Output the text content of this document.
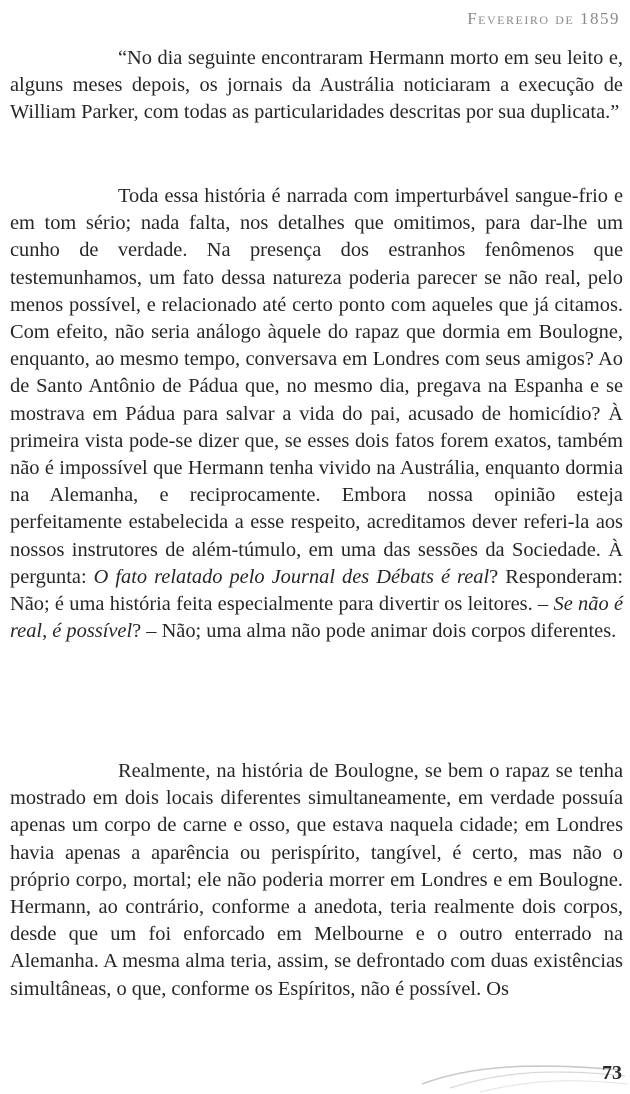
Fevereiro de 1859

“No dia seguinte encontraram Hermann morto em seu leito e, alguns meses depois, os jornais da Austrália noticiaram a execução de William Parker, com todas as particularidades descritas por sua duplicata.”

Toda essa história é narrada com imperturbável sangue-frio e em tom sério; nada falta, nos detalhes que omitimos, para dar-lhe um cunho de verdade. Na presença dos estranhos fenômenos que testemunhamos, um fato dessa natureza poderia parecer se não real, pelo menos possível, e relacionado até certo ponto com aqueles que já citamos. Com efeito, não seria análogo àquele do rapaz que dormia em Boulogne, enquanto, ao mesmo tempo, conversava em Londres com seus amigos? Ao de Santo Antônio de Pádua que, no mesmo dia, pregava na Espanha e se mostrava em Pádua para salvar a vida do pai, acusado de homicídio? À primeira vista pode-se dizer que, se esses dois fatos forem exatos, também não é impossível que Hermann tenha vivido na Austrália, enquanto dormia na Alemanha, e reciprocamente. Embora nossa opinião esteja perfeitamente estabelecida a esse respeito, acreditamos dever referi-la aos nossos instrutores de além-túmulo, em uma das sessões da Sociedade. À pergunta: O fato relatado pelo Journal des Débats é real? Responderam: Não; é uma história feita especialmente para divertir os leitores. – Se não é real, é possível? – Não; uma alma não pode animar dois corpos diferentes.

Realmente, na história de Boulogne, se bem o rapaz se tenha mostrado em dois locais diferentes simultaneamente, em verdade possuía apenas um corpo de carne e osso, que estava naquela cidade; em Londres havia apenas a aparência ou perispírito, tangível, é certo, mas não o próprio corpo, mortal; ele não poderia morrer em Londres e em Boulogne. Hermann, ao contrário, conforme a anedota, teria realmente dois corpos, desde que um foi enforcado em Melbourne e o outro enterrado na Alemanha. A mesma alma teria, assim, se defrontado com duas existências simultâneas, o que, conforme os Espíritos, não é possível. Os

73
